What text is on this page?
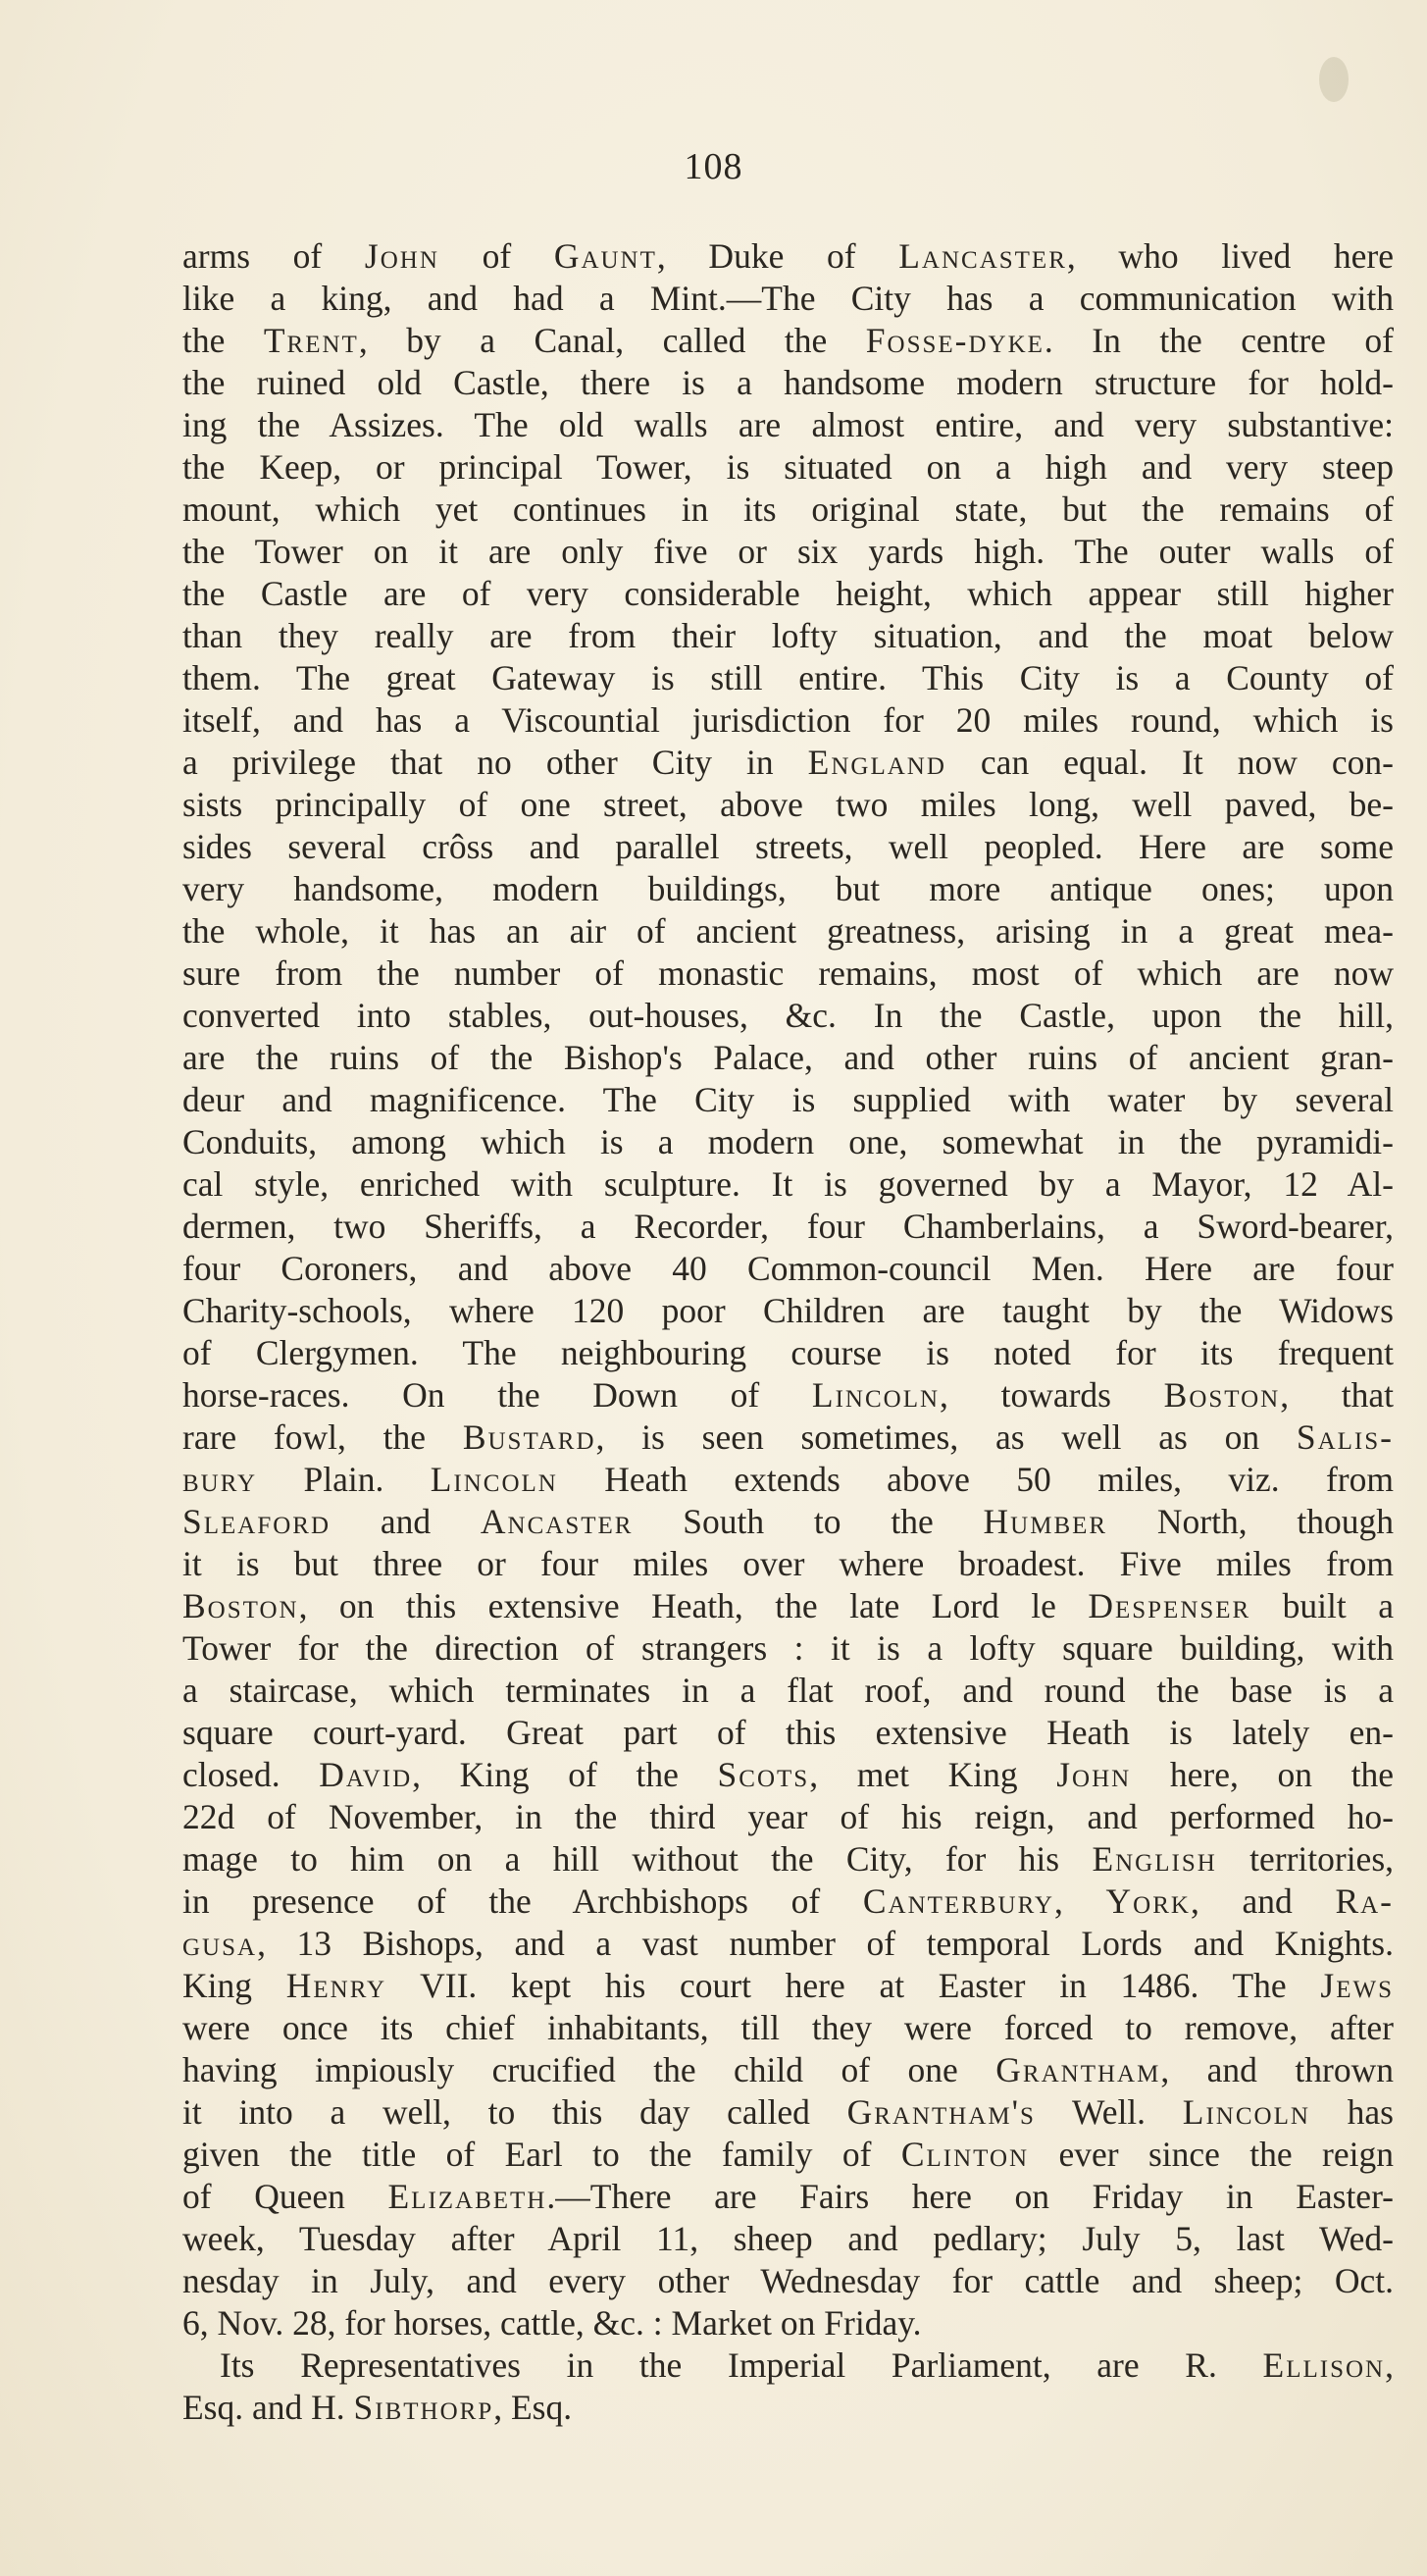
108
arms of John of Gaunt, Duke of Lancaster, who lived here
like a king, and had a Mint.—The City has a communication with
the Trent, by a Canal, called the Fosse-dyke. In the centre of
the ruined old Castle, there is a handsome modern structure for hold-
ing the Assizes. The old walls are almost entire, and very substantive:
the Keep, or principal Tower, is situated on a high and very steep
mount, which yet continues in its original state, but the remains of
the Tower on it are only five or six yards high. The outer walls of
the Castle are of very considerable height, which appear still higher
than they really are from their lofty situation, and the moat below
them. The great Gateway is still entire. This City is a County of
itself, and has a Viscountial jurisdiction for 20 miles round, which is
a privilege that no other City in England can equal. It now con-
sists principally of one street, above two miles long, well paved, be-
sides several crôss and parallel streets, well peopled. Here are some
very handsome, modern buildings, but more antique ones; upon
the whole, it has an air of ancient greatness, arising in a great mea-
sure from the number of monastic remains, most of which are now
converted into stables, out-houses, &c. In the Castle, upon the hill,
are the ruins of the Bishop's Palace, and other ruins of ancient gran-
deur and magnificence. The City is supplied with water by several
Conduits, among which is a modern one, somewhat in the pyramidi-
cal style, enriched with sculpture. It is governed by a Mayor, 12 Al-
dermen, two Sheriffs, a Recorder, four Chamberlains, a Sword-bearer,
four Coroners, and above 40 Common-council Men. Here are four
Charity-schools, where 120 poor Children are taught by the Widows
of Clergymen. The neighbouring course is noted for its frequent
horse-races. On the Down of Lincoln, towards Boston, that
rare fowl, the Bustard, is seen sometimes, as well as on Salis-
bury Plain. Lincoln Heath extends above 50 miles, viz. from
Sleaford and Ancaster South to the Humber North, though
it is but three or four miles over where broadest. Five miles from
Boston, on this extensive Heath, the late Lord le Despenser built a
Tower for the direction of strangers : it is a lofty square building, with
a staircase, which terminates in a flat roof, and round the base is a
square court-yard. Great part of this extensive Heath is lately en-
closed. David, King of the Scots, met King John here, on the
22d of November, in the third year of his reign, and performed ho-
mage to him on a hill without the City, for his English territories,
in presence of the Archbishops of Canterbury, York, and Ra-
gusa, 13 Bishops, and a vast number of temporal Lords and Knights.
King Henry VII. kept his court here at Easter in 1486. The Jews
were once its chief inhabitants, till they were forced to remove, after
having impiously crucified the child of one Grantham, and thrown
it into a well, to this day called Grantham's Well. Lincoln has
given the title of Earl to the family of Clinton ever since the reign
of Queen Elizabeth.—There are Fairs here on Friday in Easter-
week, Tuesday after April 11, sheep and pedlary; July 5, last Wed-
nesday in July, and every other Wednesday for cattle and sheep; Oct.
6, Nov. 28, for horses, cattle, &c. : Market on Friday.
Its Representatives in the Imperial Parliament, are R. Ellison,
Esq. and H. Sibthorp, Esq.
